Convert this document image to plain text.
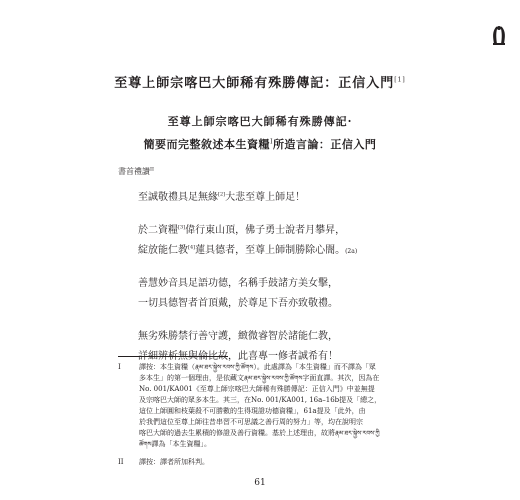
至尊上師宗喀巴大師稀有殊勝傳記：正信入門[1]
至尊上師宗喀巴大師稀有殊勝傳記·
簡要而完整敘述本生資糧$^I$所造言論：正信入門
書首禮讚$^{II}$
至誠敬禮具足無緣[2]大悲至尊上師足！
於二資糧[3]偉行東山頂，佛子勇士說者月攀昇，
綻放能仁教[4]蓮具德者，至尊上師制勝除心闇。(2a)
善慧妙音具足語功德，名稱手鼓諸方美女擊，
一切具德智者首頂戴，於尊足下吾亦致敬禮。
無劣殊勝禁行善守護，緻微睿智於諸能仁教，
詳細辨析無與倫比故，此喜專一修者誠希有！
I	譯按：本生資糧（རྣམ་ཐར་སྐྱེས་རབས་ཀྱི་ཚོགས）。此處譯為「本生資糧」而不譯為「眾
多本生」的第一個理由，是依藏文རྣམ་ཐར་སྐྱེས་རབས་ཀྱི་ཚོགས字面直譯。其次，因為在
No. 001/KA001《至尊上師宗喀巴大師稀有殊勝傳記：正信入門》中並無提
及宗喀巴大師的眾多本生。其三，在No. 001/KA001, 16a–16b提及「總之，
這位上師圓和枝葉殺不可勝數的生得現證功德資糧」，61a提及「此外，由
於我們這位至尊上師往昔串習不可思議之善行周的努力」等，均在說明宗
喀巴大師的過去生累積的修證及善行資糧。基於上述理由，故將རྣམ་ཐར་སྐྱེས་རབས་ཀྱི
ཚོགས譯為「本生資糧」。
II 譯按：譯者所加科判。
61
